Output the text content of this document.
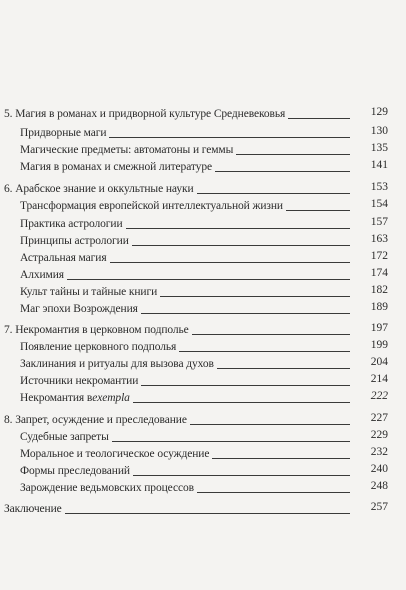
5. Магия в романах и придворной культуре Средневековья	129
Придворные маги	130
Магические предметы: автоматоны и геммы	135
Магия в романах и смежной литературе	141
6. Арабское знание и оккультные науки	153
Трансформация европейской интеллектуальной жизни	154
Практика астрологии	157
Принципы астрологии	163
Астральная магия	172
Алхимия	174
Культ тайны и тайные книги	182
Маг эпохи Возрождения	189
7. Некромантия в церковном подполье	197
Появление церковного подполья	199
Заклинания и ритуалы для вызова духов	204
Источники некромантии	214
Некромантия в exempla	222
8. Запрет, осуждение и преследование	227
Судебные запреты	229
Моральное и теологическое осуждение	232
Формы преследований	240
Зарождение ведьмовских процессов	248
Заключение	257
